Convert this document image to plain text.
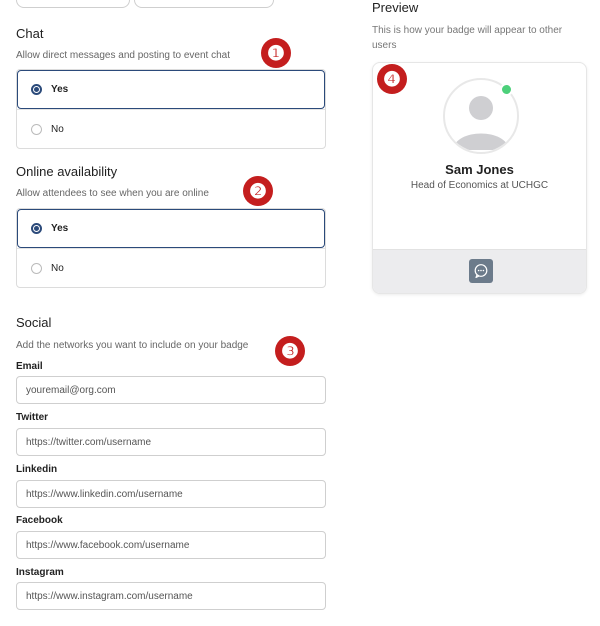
Chat
Allow direct messages and posting to event chat
Yes
No
❶
Online availability
Allow attendees to see when you are online
Yes
No
❷
Social
Add the networks you want to include on your badge	❸
Email
youremail@org.com
Twitter
https://twitter.com/username
Linkedin
https://www.linkedin.com/username
Facebook
https://www.facebook.com/username
Instagram
https://www.instagram.com/username
Preview
This is how your badge will appear to other users
Sam Jones
Head of Economics at UCHGC
❹
